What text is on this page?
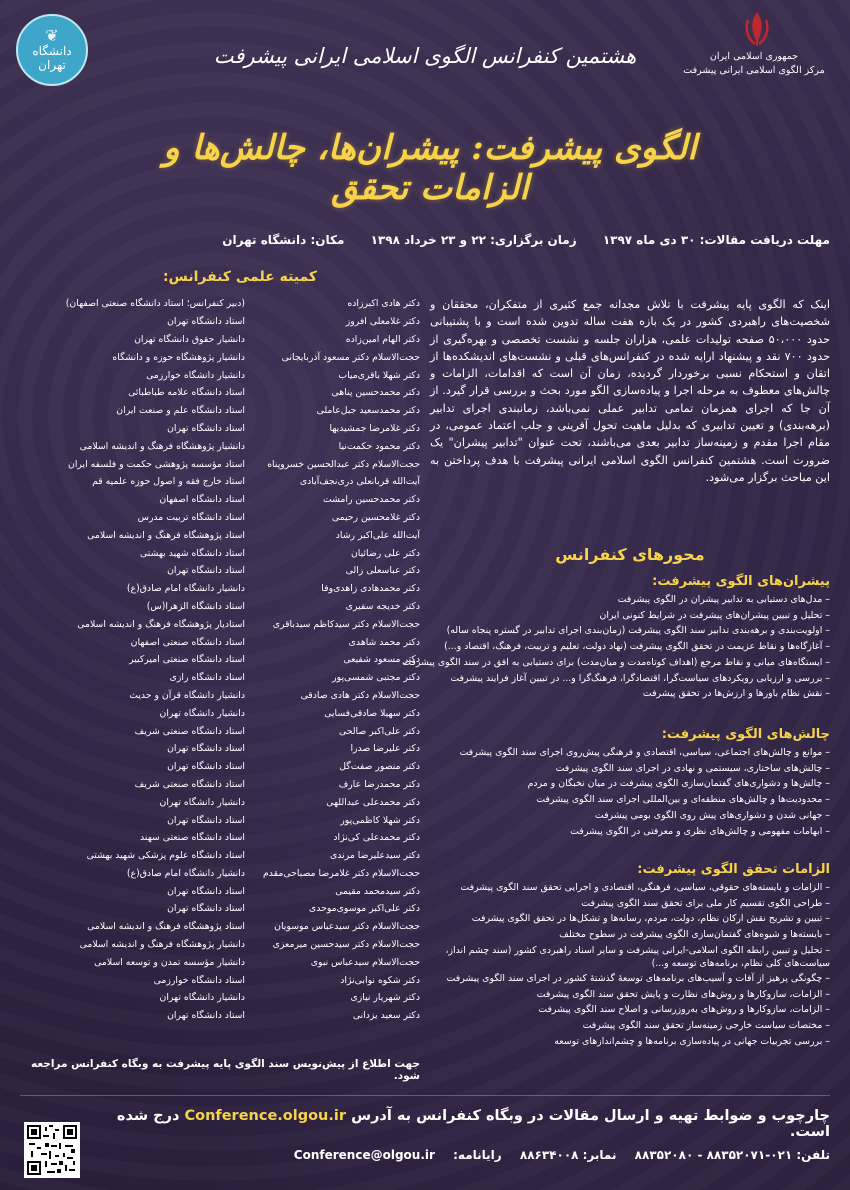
جمهوری اسلامی ایران
مرکز الگوی اسلامی ایرانی پیشرفت
❦
دانشگاه تهران	هشتمین کنفرانس الگوی اسلامی ایرانی پیشرفت
الگوی پیشرفت: پیشران‌ها، چالش‌ها و الزامات تحقق
مهلت دریافت مقالات: ۳۰ دی ماه ۱۳۹۷ زمان برگزاری: ۲۲ و ۲۳ خرداد ۱۳۹۸ مکان: دانشگاه تهران

اینک که الگوی پایه پیشرفت با تلاش مجدانه جمع کثیری از متفکران، محققان و شخصیت‌های راهبردی کشور در یک بازه هفت ساله تدوین شده است و با پشتیبانی حدود ۵۰،۰۰۰ صفحه تولیدات علمی، هزاران جلسه و نشست تخصصی و بهره‌گیری از حدود ۷۰۰ نقد و پیشنهاد ارایه شده در کنفرانس‌های قبلی و نشست‌های اندیشکده‌ها از اتقان و استحکام نسبی برخوردار گردیده، زمان آن است که اقدامات، الزامات و چالش‌های معطوف به مرحله اجرا و پیاده‌سازی الگو مورد بحث و بررسی قرار گیرد. از آن جا که اجرای همزمان تمامی تدابیر عملی نمی‌باشد، زمانبندی اجرای تدابیر (برهه‌بندی) و تعیین تدابیری که بدلیل ماهیت تحول آفرینی و جلب اعتماد عمومی، در مقام اجرا مقدم و زمینه‌ساز تدابیر بعدی می‌باشند، تحت عنوان "تدابیر پیشران" یک ضرورت است. هشتمین کنفرانس الگوی اسلامی ایرانی پیشرفت با هدف پرداختن به این مباحث برگزار می‌شود.

محورهای کنفرانس
پیشران‌های الگوی پیشرفت:
– مدل‌های دستیابی به تدابیر پیشران در الگوی پیشرفت
– تحلیل و تبیین پیشران‌های پیشرفت در شرایط کنونی ایران
– اولویت‌بندی و برهه‌بندی تدابیر سند الگوی پیشرفت (زمان‌بندی اجرای تدابیر در گستره پنجاه ساله)
– آغازگاه‌ها و نقاط عزیمت در تحقق الگوی پیشرفت (نهاد دولت، تعلیم و تربیت، فرهنگ، اقتصاد و...)
– ایستگاه‌های میانی و نقاط مرجع (اهداف کوتاه‌مدت و میان‌مدت) برای دستیابی به افق در سند الگوی پیشرفت
– بررسی و ارزیابی رویکردهای سیاست‌گرا، اقتصادگرا، فرهنگ‌گرا و... در تبیین آغاز فرایند پیشرفت
– نقش نظام باورها و ارزش‌ها در تحقق پیشرفت
چالش‌های الگوی پیشرفت:
– موانع و چالش‌های اجتماعی، سیاسی، اقتصادی و فرهنگی پیش‌روی اجرای سند الگوی پیشرفت
– چالش‌های ساختاری، سیستمی و نهادی در اجرای سند الگوی پیشرفت
– چالش‌ها و دشواری‌های گفتمان‌سازی الگوی پیشرفت در میان نخبگان و مردم
– محدودیت‌ها و چالش‌های منطقه‌ای و بین‌المللی اجرای سند الگوی پیشرفت
– جهانی شدن و دشواری‌های پیش روی الگوی بومی پیشرفت
– ابهامات مفهومی و چالش‌های نظری و معرفتی در الگوی پیشرفت
الزامات تحقق الگوی پیشرفت:
– الزامات و بایسته‌های حقوقی، سیاسی، فرهنگی، اقتصادی و اجرایی تحقق سند الگوی پیشرفت
– طراحی الگوی تقسیم کار ملی برای تحقق سند الگوی پیشرفت
– تبیین و تشریح نقش ارکان نظام، دولت، مردم، رسانه‌ها و تشکل‌ها در تحقق الگوی پیشرفت
– بایسته‌ها و شیوه‌های گفتمان‌سازی الگوی پیشرفت در سطوح مختلف
– تحلیل و تبیین رابطه الگوی اسلامی-ایرانی پیشرفت و سایر اسناد راهبردی کشور (سند چشم انداز، سیاست‌های کلی نظام، برنامه‌های توسعه و...)
– چگونگی پرهیز از آفات و آسیب‌های برنامه‌های توسعهٔ گذشتهٔ کشور در اجرای سند الگوی پیشرفت
– الزامات، سازوکارها و روش‌های نظارت و پایش تحقق سند الگوی پیشرفت
– الزامات، سازوکارها و روش‌های به‌روزرسانی و اصلاح سند الگوی پیشرفت
– مختصات سیاست خارجی زمینه‌ساز تحقق سند الگوی پیشرفت
– بررسی تجربیات جهانی در پیاده‌سازی برنامه‌ها و چشم‌اندازهای توسعه
کمیته علمی کنفرانس:
دکتر هادی اکبرزاده
(دبیر کنفرانس؛ استاد دانشگاه صنعتی اصفهان)
دکتر غلامعلی افروز
استاد دانشگاه تهران
دکتر الهام امین‌زاده
دانشیار حقوق دانشگاه تهران
حجت‌الاسلام دکتر مسعود آذربایجانی
دانشیار پژوهشگاه حوزه و دانشگاه
دکتر شهلا باقری‌میاب
دانشیار دانشگاه خوارزمی
دکتر محمدحسین پناهی
استاد دانشگاه علامه طباطبائی
دکتر محمدسعید جبل‌عاملی
استاد دانشگاه علم و صنعت ایران
دکتر غلامرضا جمشیدیها
استاد دانشگاه تهران
دکتر محمود حکمت‌نیا
دانشیار پژوهشگاه فرهنگ و اندیشه اسلامی
حجت‌الاسلام دکتر عبدالحسین خسروپناه
استاد مؤسسه پژوهشی حکمت و فلسفه ایران
آیت‌الله قربانعلی دری‌نجف‌آبادی
استاد خارج فقه و اصول حوزه علمیه قم
دکتر محمدحسین رامشت
استاد دانشگاه اصفهان
دکتر غلامحسین رحیمی
استاد دانشگاه تربیت مدرس
آیت‌الله علی‌اکبر رشاد
استاد پژوهشگاه فرهنگ و اندیشه اسلامی
دکتر علی رضائیان
استاد دانشگاه شهید بهشتی
دکتر عباسعلی زالی
استاد دانشگاه تهران
دکتر محمدهادی زاهدی‌وفا
دانشیار دانشگاه امام صادق(ع)
دکتر خدیجه سفیری
استاد دانشگاه الزهرا(س)
حجت‌الاسلام دکتر سیدکاظم سیدباقری
استادیار پژوهشگاه فرهنگ و اندیشه اسلامی
دکتر محمد شاهدی
استاد دانشگاه صنعتی اصفهان
دکتر مسعود شفیعی
استاد دانشگاه صنعتی امیرکبیر
دکتر مجتبی شمسی‌پور
استاد دانشگاه رازی
حجت‌الاسلام دکتر هادی صادقی
دانشیار دانشگاه قرآن و حدیث
دکتر سهیلا صادقی‌فسایی
دانشیار دانشگاه تهران
دکتر علی‌اکبر صالحی
استاد دانشگاه صنعتی شریف
دکتر علیرضا صدرا
استاد دانشگاه تهران
دکتر منصور صفت‌گل
استاد دانشگاه تهران
دکتر محمدرضا عارف
استاد دانشگاه صنعتی شریف
دکتر محمدعلی عبداللهی
دانشیار دانشگاه تهران
دکتر شهلا کاظمی‌پور
استاد دانشگاه تهران
دکتر محمدعلی کی‌نژاد
استاد دانشگاه صنعتی سهند
دکتر سیدعلیرضا مرندی
استاد دانشگاه علوم پزشکی شهید بهشتی
حجت‌الاسلام دکتر غلامرضا مصباحی‌مقدم
دانشیار دانشگاه امام صادق(ع)
دکتر سیدمحمد مقیمی
استاد دانشگاه تهران
دکتر علی‌اکبر موسوی‌موحدی
استاد دانشگاه تهران
حجت‌الاسلام دکتر سیدعباس موسویان
استاد پژوهشگاه فرهنگ و اندیشه اسلامی
حجت‌الاسلام دکتر سیدحسین میرمعزی
دانشیار پژوهشگاه فرهنگ و اندیشه اسلامی
حجت‌الاسلام سیدعباس نبوی
دانشیار مؤسسه تمدن و توسعه اسلامی
دکتر شکوه نوابی‌نژاد
استاد دانشگاه خوارزمی
دکتر شهریار نیازی
دانشیار دانشگاه تهران
دکتر سعید یزدانی
استاد دانشگاه تهران
جهت اطلاع از پیش‌نویس سند الگوی پایه پیشرفت به وبگاه کنفرانس مراجعه شود.
چارچوب و ضوابط تهیه و ارسال مقالات در وبگاه کنفرانس به آدرس Conference.olgou.ir درج شده است.
تلفن: ۰۲۱-۸۸۳۵۲۰۷۱ - ۸۸۳۵۲۰۸۰ نمابر: ۸۸۶۳۴۰۰۸ رایانامه: Conference@olgou.ir
